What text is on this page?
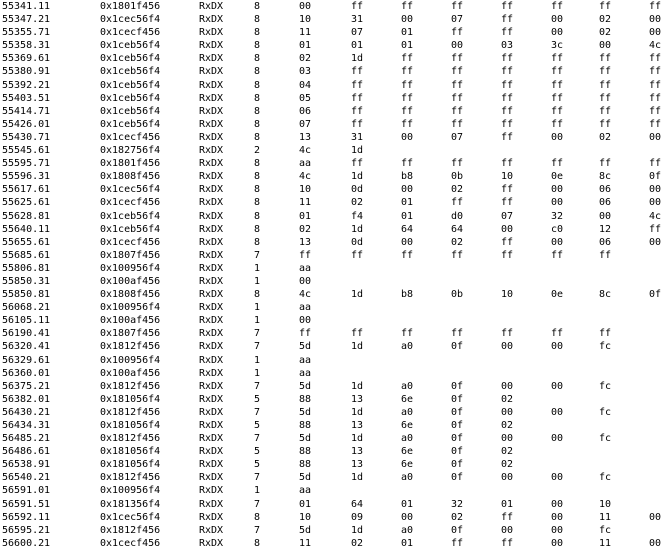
55341.1 1	0x1801f456	RxDX	8	00	ff	ff	ff	ff	ff	ff	ff
55347.2 1	0x1cec56f4	RxDX	8	10	31	00	07	ff	00	02	00
55355.7 1	0x1cecf456	RxDX	8	11	07	01	ff	ff	00	02	00
55358.3 1	0x1ceb56f4	RxDX	8	01	01	01	00	03	3c	00	4c
55369.6 1	0x1ceb56f4	RxDX	8	02	1d	ff	ff	ff	ff	ff	ff
55380.9 1	0x1ceb56f4	RxDX	8	03	ff	ff	ff	ff	ff	ff	ff
55392.2 1	0x1ceb56f4	RxDX	8	04	ff	ff	ff	ff	ff	ff	ff
55403.5 1	0x1ceb56f4	RxDX	8	05	ff	ff	ff	ff	ff	ff	ff
55414.7 1	0x1ceb56f4	RxDX	8	06	ff	ff	ff	ff	ff	ff	ff
55426.0 1	0x1ceb56f4	RxDX	8	07	ff	ff	ff	ff	ff	ff	ff
55430.7 1	0x1cecf456	RxDX	8	13	31	00	07	ff	00	02	00
55545.6 1	0x182756f4	RxDX	2	4c	1d
55595.7 1	0x1801f456	RxDX	8	aa	ff	ff	ff	ff	ff	ff	ff
55596.3 1	0x1808f456	RxDX	8	4c	1d	b8	0b	10	0e	8c	0f
55617.6 1	0x1cec56f4	RxDX	8	10	0d	00	02	ff	00	06	00
55625.6 1	0x1cecf456	RxDX	8	11	02	01	ff	ff	00	06	00
55628.8 1	0x1ceb56f4	RxDX	8	01	f4	01	d0	07	32	00	4c
55640.1 1	0x1ceb56f4	RxDX	8	02	1d	64	64	00	c0	12	ff
55655.6 1	0x1cecf456	RxDX	8	13	0d	00	02	ff	00	06	00
55685.6 1	0x1807f456	RxDX	7	ff	ff	ff	ff	ff	ff	ff
55806.8 1	0x100956f4	RxDX	1	aa
55850.3 1	0x100af456	RxDX	1	00
55850.8 1	0x1808f456	RxDX	8	4c	1d	b8	0b	10	0e	8c	0f
56068.2 1	0x100956f4	RxDX	1	aa
56105.1 1	0x100af456	RxDX	1	00
56190.4 1	0x1807f456	RxDX	7	ff	ff	ff	ff	ff	ff	ff
56320.4 1	0x1812f456	RxDX	7	5d	1d	a0	0f	00	00	fc
56329.6 1	0x100956f4	RxDX	1	aa
56360.0 1	0x100af456	RxDX	1	aa
56375.2 1	0x1812f456	RxDX	7	5d	1d	a0	0f	00	00	fc
56382.0 1	0x181056f4	RxDX	5	88	13	6e	0f	02
56430.2 1	0x1812f456	RxDX	7	5d	1d	a0	0f	00	00	fc
56434.3 1	0x181056f4	RxDX	5	88	13	6e	0f	02
56485.2 1	0x1812f456	RxDX	7	5d	1d	a0	0f	00	00	fc
56486.6 1	0x181056f4	RxDX	5	88	13	6e	0f	02
56538.9 1	0x181056f4	RxDX	5	88	13	6e	0f	02
56540.2 1	0x1812f456	RxDX	7	5d	1d	a0	0f	00	00	fc
56591.0 1	0x100956f4	RxDX	1	aa
56591.5 1	0x181356f4	RxDX	7	01	64	01	32	01	00	10
56592.1 1	0x1cec56f4	RxDX	8	10	09	00	02	ff	00	11	00
56595.2 1	0x1812f456	RxDX	7	5d	1d	a0	0f	00	00	fc
56600.2 1	0x1cecf456	RxDX	8	11	02	01	ff	ff	00	11	00
